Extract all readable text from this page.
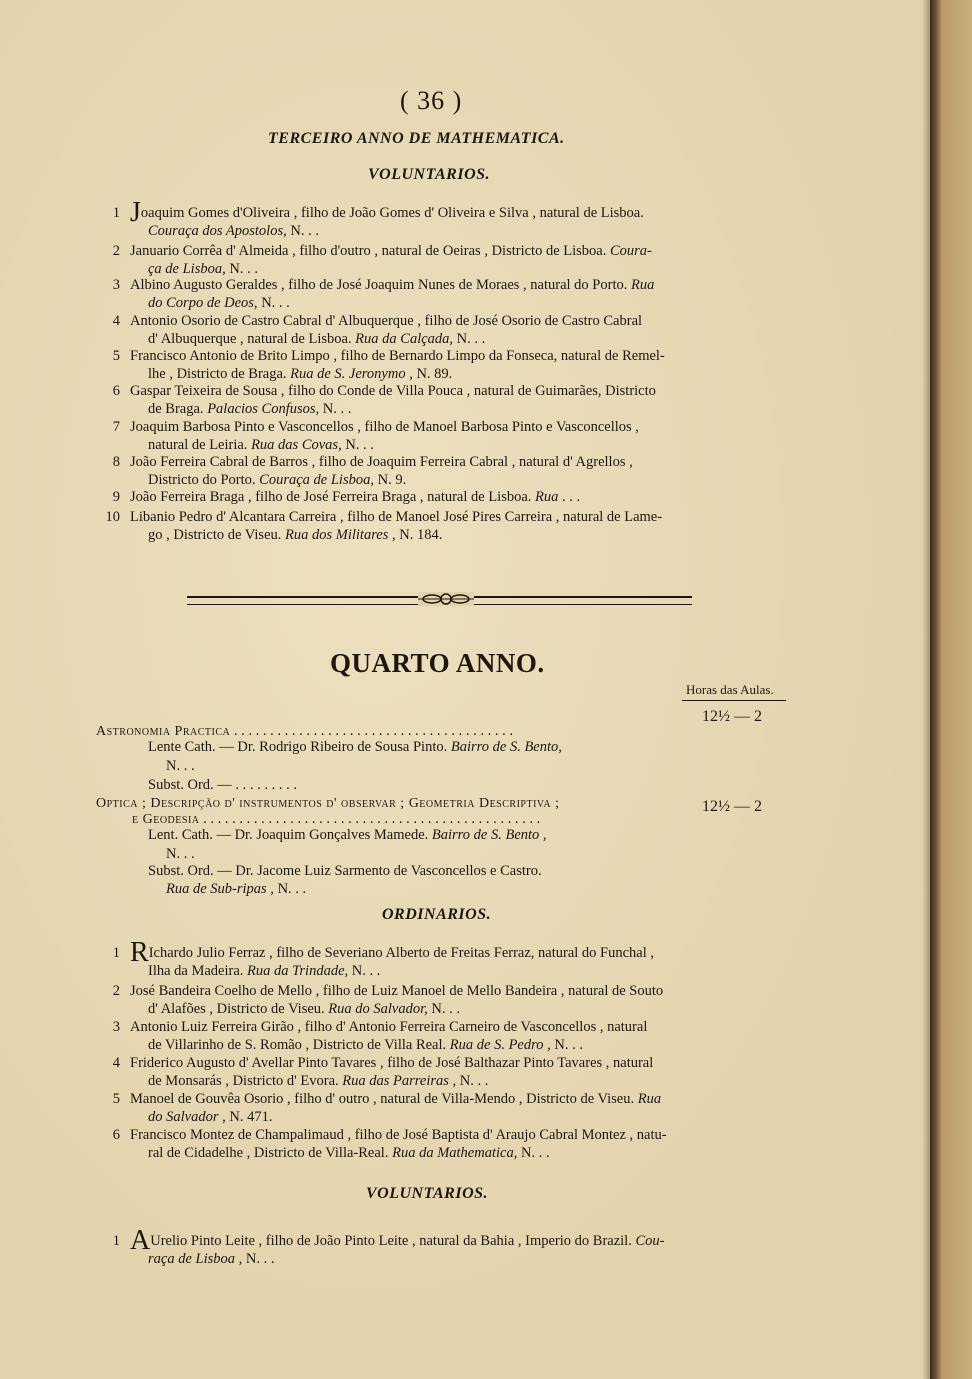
( 36 )
TERCEIRO ANNO DE MATHEMATICA.
VOLUNTARIOS.
1 Joaquim Gomes d'Oliveira , filho de João Gomes d' Oliveira e Silva , natural de Lisboa.
Couraça dos Apostolos, N. . .
2 Januario Corrêa d' Almeida , filho d'outro , natural de Oeiras , Districto de Lisboa. Coura-
ça de Lisboa, N. . .
3 Albino Augusto Geraldes , filho de José Joaquim Nunes de Moraes , natural do Porto. Rua
do Corpo de Deos, N. . .
4 Antonio Osorio de Castro Cabral d' Albuquerque , filho de José Osorio de Castro Cabral
d' Albuquerque , natural de Lisboa. Rua da Calçada, N. . .
5 Francisco Antonio de Brito Limpo , filho de Bernardo Limpo da Fonseca, natural de Remel-
lhe , Districto de Braga. Rua de S. Jeronymo , N. 89.
6 Gaspar Teixeira de Sousa , filho do Conde de Villa Pouca , natural de Guimarães, Districto
de Braga. Palacios Confusos, N. . .
7 Joaquim Barbosa Pinto e Vasconcellos , filho de Manoel Barbosa Pinto e Vasconcellos ,
natural de Leiria. Rua das Covas, N. . .
8 João Ferreira Cabral de Barros , filho de Joaquim Ferreira Cabral , natural d' Agrellos ,
Districto do Porto. Couraça de Lisboa, N. 9.
9 João Ferreira Braga , filho de José Ferreira Braga , natural de Lisboa. Rua . . .
10 Libanio Pedro d' Alcantara Carreira , filho de Manoel José Pires Carreira , natural de Lame-
go , Districto de Viseu. Rua dos Militares , N. 184.
QUARTO ANNO.
Horas das Aulas.
Astronomia Practica . . . . . . . . . . . . . . . . . . . . . . . . . . . . . . . . . . . . . . .
12½ — 2
Lente Cath. — Dr. Rodrigo Ribeiro de Sousa Pinto. Bairro de S. Bento,
N. . .
Subst. Ord. — . . . . . . . . .
Optica ; Descripção d' instrumentos d' observar ; Geometria Descriptiva ;
e Geodesia . . . . . . . . . . . . . . . . . . . . . . . . . . . . . . . . . . . . . . . . . . . . . . .
12½ — 2
Lent. Cath. — Dr. Joaquim Gonçalves Mamede. Bairro de S. Bento ,
N. . .
Subst. Ord. — Dr. Jacome Luiz Sarmento de Vasconcellos e Castro.
Rua de Sub-ripas , N. . .
ORDINARIOS.
1 RIchardo Julio Ferraz , filho de Severiano Alberto de Freitas Ferraz, natural do Funchal ,
Ilha da Madeira. Rua da Trindade, N. . .
2 José Bandeira Coelho de Mello , filho de Luiz Manoel de Mello Bandeira , natural de Souto
d' Alafões , Districto de Viseu. Rua do Salvador, N. . .
3 Antonio Luiz Ferreira Girão , filho d' Antonio Ferreira Carneiro de Vasconcellos , natural
de Villarinho de S. Romão , Districto de Villa Real. Rua de S. Pedro , N. . .
4 Friderico Augusto d' Avellar Pinto Tavares , filho de José Balthazar Pinto Tavares , natural
de Monsarás , Districto d' Evora. Rua das Parreiras , N. . .
5 Manoel de Gouvêa Osorio , filho d' outro , natural de Villa-Mendo , Districto de Viseu. Rua
do Salvador , N. 471.
6 Francisco Montez de Champalimaud , filho de José Baptista d' Araujo Cabral Montez , natu-
ral de Cidadelhe , Districto de Villa-Real. Rua da Mathematica, N. . .
VOLUNTARIOS.
1 AUrelio Pinto Leite , filho de João Pinto Leite , natural da Bahia , Imperio do Brazil. Cou-
raça de Lisboa , N. . .
